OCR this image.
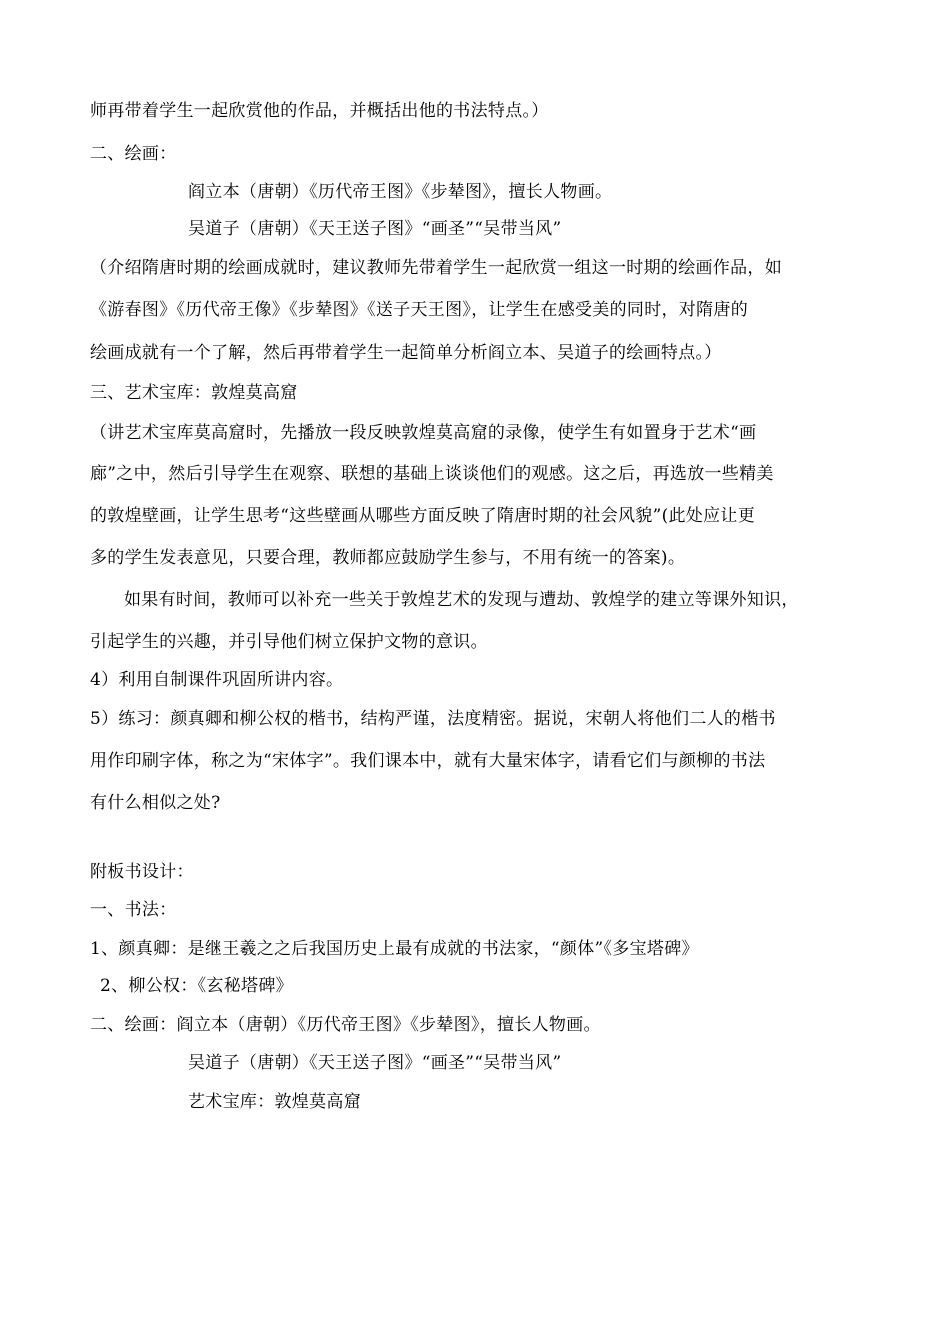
师再带着学生一起欣赏他的作品，并概括出他的书法特点。）
二、绘画：
阎立本（唐朝）《历代帝王图》《步辇图》，擅长人物画。
吴道子（唐朝）《天王送子图》“画圣”“吴带当风”
（介绍隋唐时期的绘画成就时，建议教师先带着学生一起欣赏一组这一时期的绘画作品，如
《游春图》《历代帝王像》《步辇图》《送子天王图》，让学生在感受美的同时，对隋唐的
绘画成就有一个了解，然后再带着学生一起简单分析阎立本、吴道子的绘画特点。）
三、艺术宝库：敦煌莫高窟
（讲艺术宝库莫高窟时，先播放一段反映敦煌莫高窟的录像，使学生有如置身于艺术“画
廊”之中，然后引导学生在观察、联想的基础上谈谈他们的观感。这之后，再选放一些精美
的敦煌壁画，让学生思考“这些壁画从哪些方面反映了隋唐时期的社会风貌”(此处应让更
多的学生发表意见，只要合理，教师都应鼓励学生参与，不用有统一的答案)。
如果有时间，教师可以补充一些关于敦煌艺术的发现与遭劫、敦煌学的建立等课外知识，
引起学生的兴趣，并引导他们树立保护文物的意识。
4）利用自制课件巩固所讲内容。
5）练习：颜真卿和柳公权的楷书，结构严谨，法度精密。据说，宋朝人将他们二人的楷书
用作印刷字体，称之为“宋体字”。我们课本中，就有大量宋体字，请看它们与颜柳的书法
有什么相似之处?
附板书设计：
一、书法：
1、颜真卿：是继王羲之之后我国历史上最有成就的书法家，“颜体”《多宝塔碑》
2、柳公权：《玄秘塔碑》
二、绘画：阎立本（唐朝）《历代帝王图》《步辇图》，擅长人物画。
吴道子（唐朝）《天王送子图》“画圣”“吴带当风”
艺术宝库：敦煌莫高窟
